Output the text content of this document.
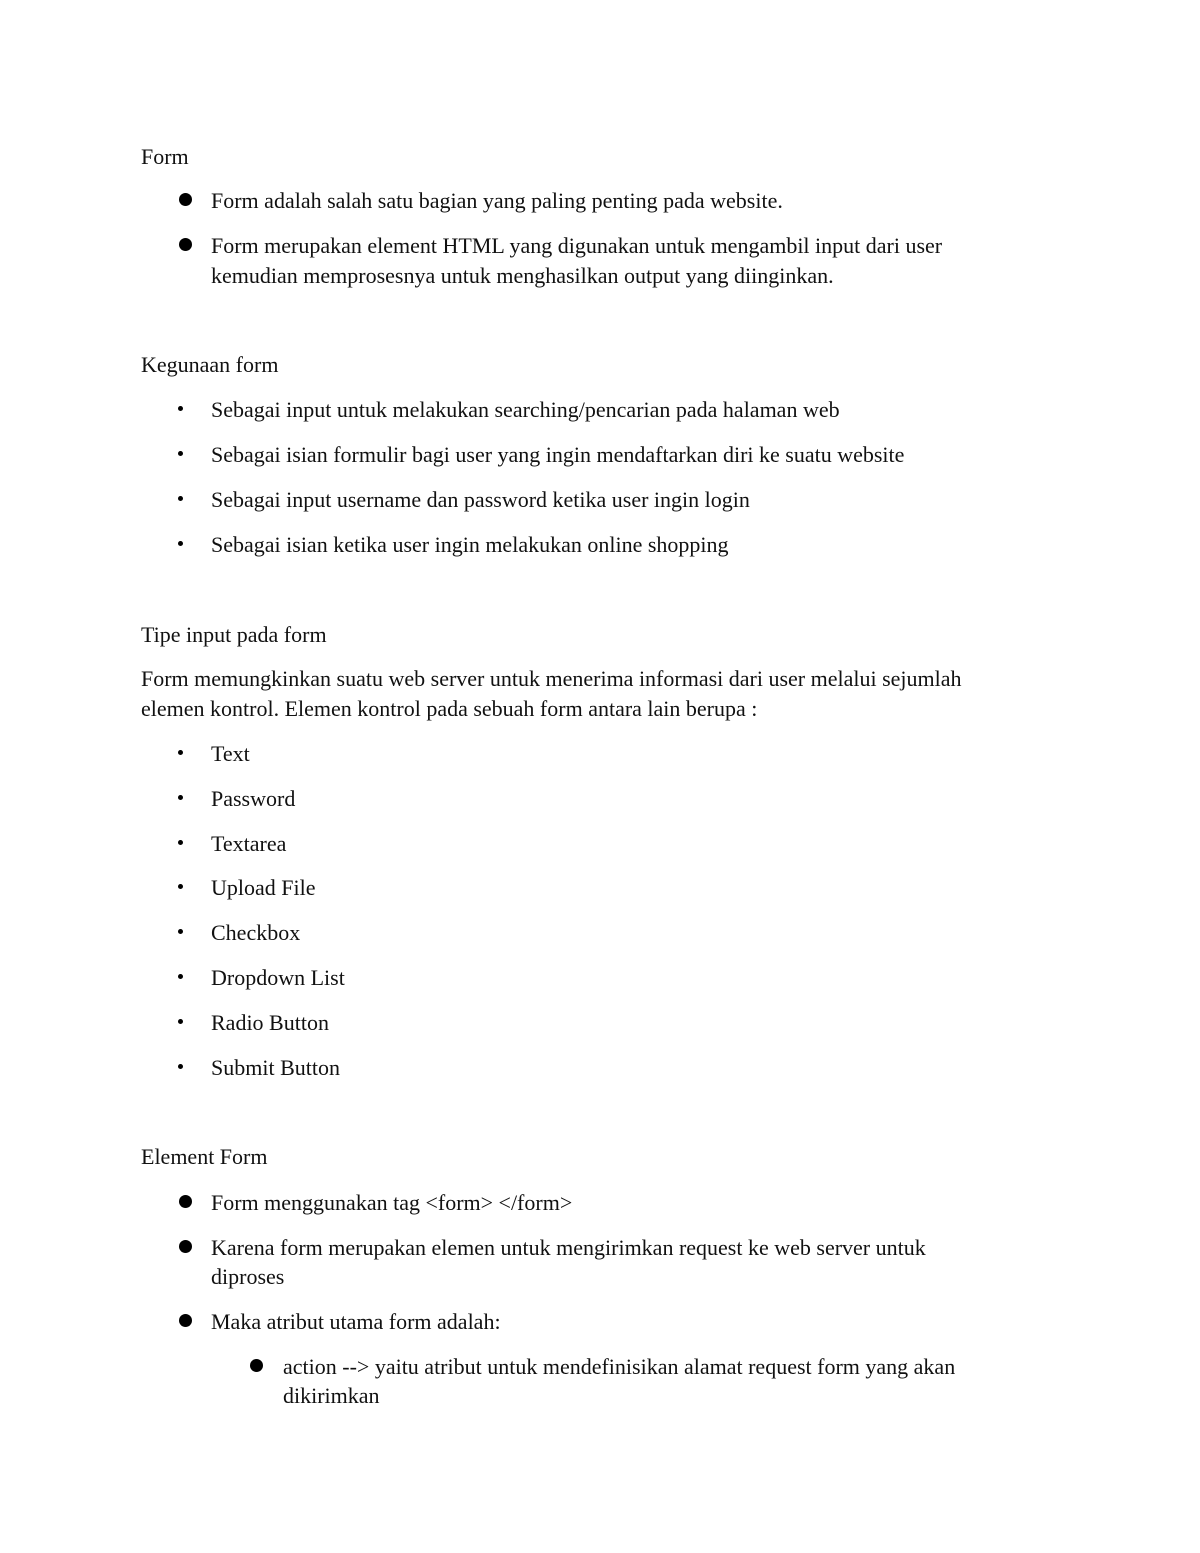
Form
Form adalah salah satu bagian yang paling penting pada website.
Form merupakan element HTML yang digunakan untuk mengambil input dari user
kemudian memprosesnya untuk menghasilkan output yang diinginkan.
Kegunaan form
Sebagai input untuk melakukan searching/pencarian pada halaman web
Sebagai isian formulir bagi user yang ingin mendaftarkan diri ke suatu website
Sebagai input username dan password ketika user ingin login
Sebagai isian ketika user ingin melakukan online shopping
Tipe input pada form
Form memungkinkan suatu web server untuk menerima informasi dari user melalui sejumlah
elemen kontrol. Elemen kontrol pada sebuah form antara lain berupa :
Text
Password
Textarea
Upload File
Checkbox
Dropdown List
Radio Button
Submit Button
Element Form
Form menggunakan tag <form> </form>
Karena form merupakan elemen untuk mengirimkan request ke web server untuk
diproses
Maka atribut utama form adalah:
action --> yaitu atribut untuk mendefinisikan alamat request form yang akan
dikirimkan
